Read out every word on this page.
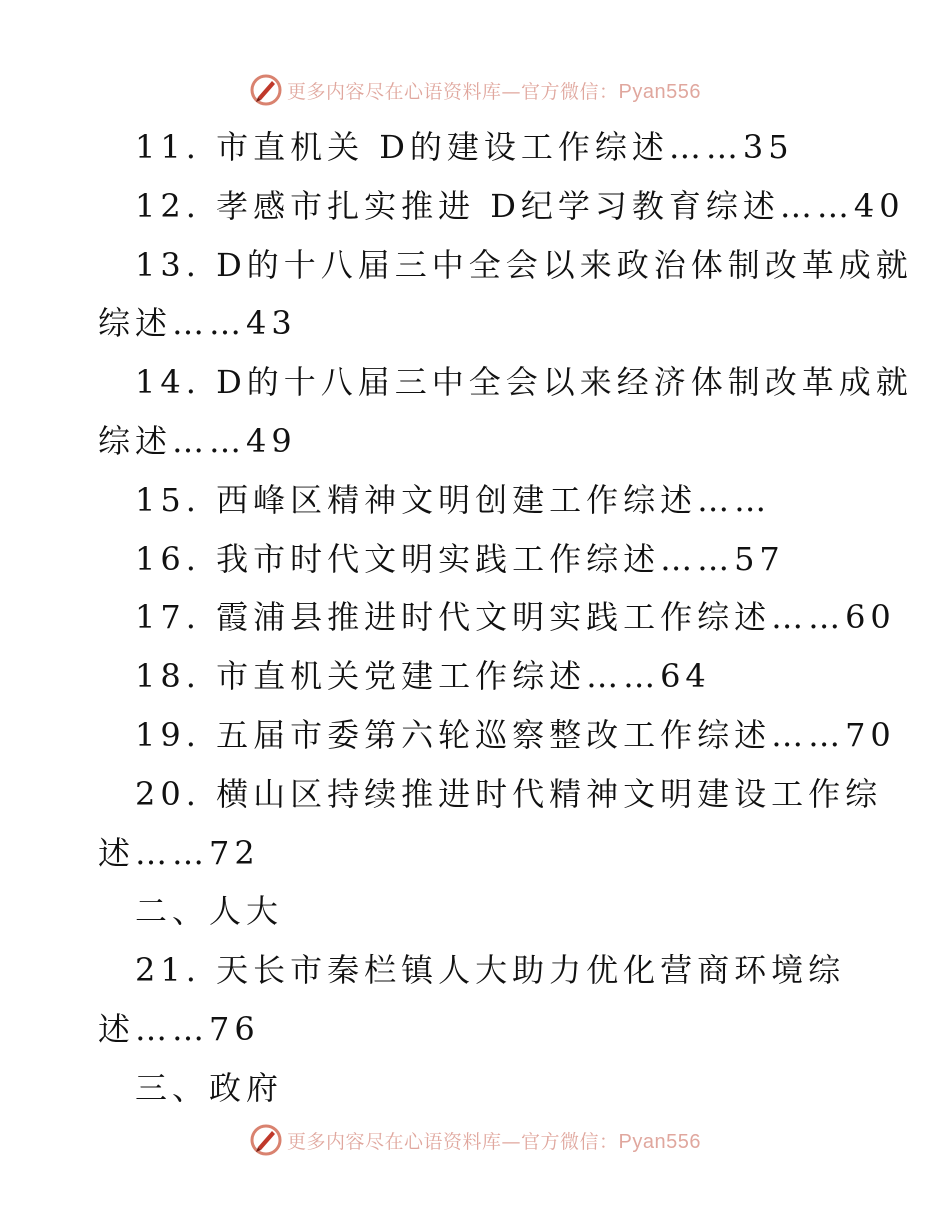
更多内容尽在心语资料库—官方微信：Pyan556
11. 市直机关 D的建设工作综述……35
12. 孝感市扎实推进 D纪学习教育综述……40
13. D的十八届三中全会以来政治体制改革成就
综述……43
14. D的十八届三中全会以来经济体制改革成就
综述……49
15. 西峰区精神文明创建工作综述……
16. 我市时代文明实践工作综述……57
17. 霞浦县推进时代文明实践工作综述……60
18. 市直机关党建工作综述……64
19. 五届市委第六轮巡察整改工作综述……70
20. 横山区持续推进时代精神文明建设工作综
述……72
二、人大
21. 天长市秦栏镇人大助力优化营商环境综
述……76
三、政府
更多内容尽在心语资料库—官方微信：Pyan556
